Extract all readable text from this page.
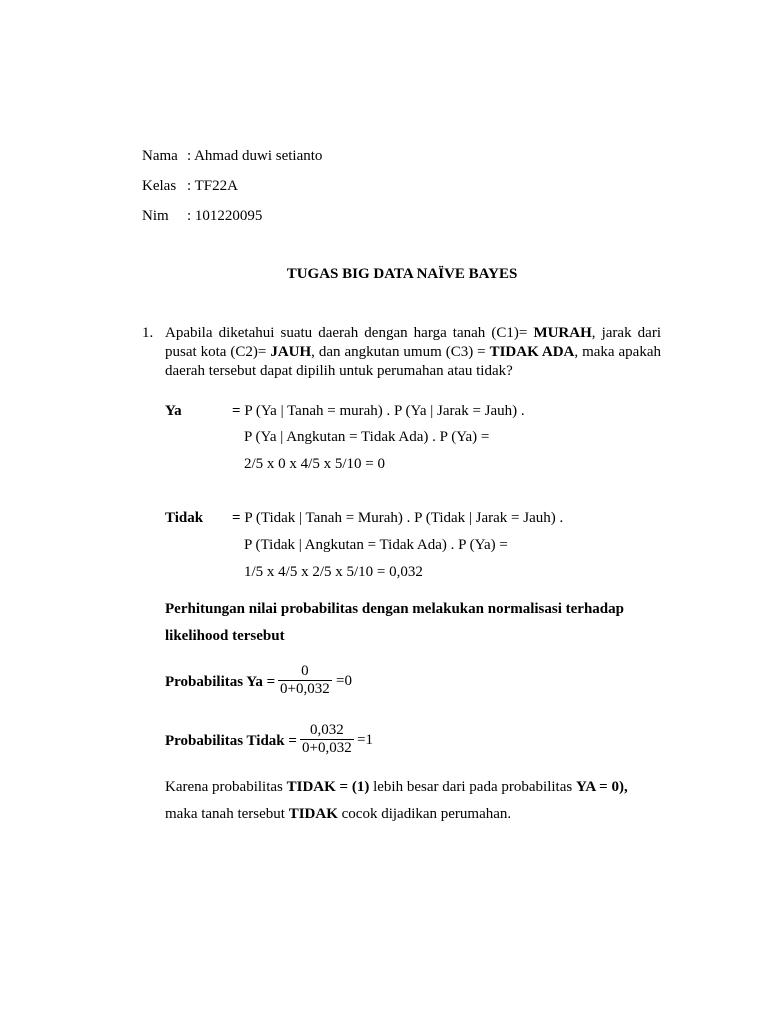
Nama : Ahmad duwi setianto
Kelas : TF22A
Nim : 101220095
TUGAS BIG DATA NAÏVE BAYES
1. Apabila diketahui suatu daerah dengan harga tanah (C1)= MURAH, jarak dari pusat kota (C2)= JAUH, dan angkutan umum (C3) = TIDAK ADA, maka apakah daerah tersebut dapat dipilih untuk perumahan atau tidak?
Ya	= P (Ya | Tanah = murah) . P (Ya | Jarak = Jauh) .
P (Ya | Angkutan = Tidak Ada) . P (Ya) =
2/5 x 0 x 4/5 x 5/10 = 0
Tidak = P (Tidak | Tanah = Murah) . P (Tidak | Jarak = Jauh) .
P (Tidak | Angkutan = Tidak Ada) . P (Ya) =
1/5 x 4/5 x 2/5 x 5/10 = 0,032
Perhitungan nilai probabilitas dengan melakukan normalisasi terhadap
likelihood tersebut
Probabilitas Ya =
0
0+0,032 =0
Probabilitas Tidak =
0,032
0+0,032 =1
Karena probabilitas TIDAK = (1) lebih besar dari pada probabilitas YA = 0),
maka tanah tersebut TIDAK cocok dijadikan perumahan.
